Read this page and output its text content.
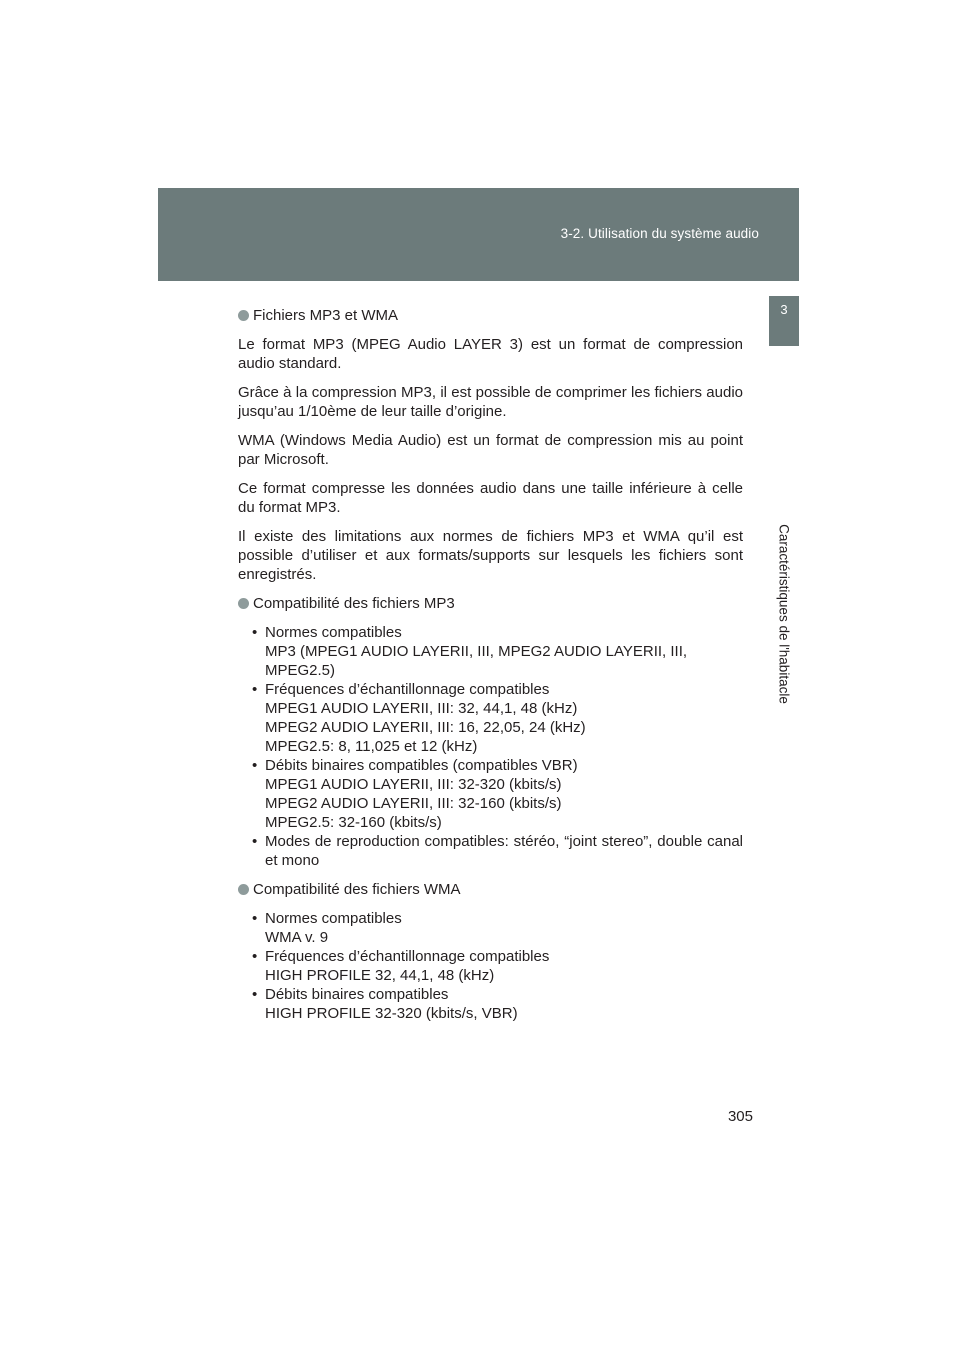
3-2. Utilisation du système audio
3
Caractéristiques de l'habitacle
Fichiers MP3 et WMA

Le format MP3 (MPEG Audio LAYER 3) est un format de compression audio standard.

Grâce à la compression MP3, il est possible de comprimer les fichiers audio jusqu’au 1/10ème de leur taille d’origine.

WMA (Windows Media Audio) est un format de compression mis au point par Microsoft.

Ce format compresse les données audio dans une taille inférieure à celle du format MP3.

Il existe des limitations aux normes de fichiers MP3 et WMA qu’il est possible d’utiliser et aux formats/supports sur lesquels les fichiers sont enregistrés.

Compatibilité des fichiers MP3
• Normes compatibles
MP3 (MPEG1 AUDIO LAYERII, III, MPEG2 AUDIO LAYERII, III, MPEG2.5)
• Fréquences d’échantillonnage compatibles
MPEG1 AUDIO LAYERII, III: 32, 44,1, 48 (kHz)
MPEG2 AUDIO LAYERII, III: 16, 22,05, 24 (kHz)
MPEG2.5: 8, 11,025 et 12 (kHz)
• Débits binaires compatibles (compatibles VBR)
MPEG1 AUDIO LAYERII, III: 32-320 (kbits/s)
MPEG2 AUDIO LAYERII, III: 32-160 (kbits/s)
MPEG2.5: 32-160 (kbits/s)
• Modes de reproduction compatibles: stéréo, “joint stereo”, double canal et mono
Compatibilité des fichiers WMA
• Normes compatibles
WMA v. 9
• Fréquences d’échantillonnage compatibles
HIGH PROFILE 32, 44,1, 48 (kHz)
• Débits binaires compatibles
HIGH PROFILE 32-320 (kbits/s, VBR)
305
